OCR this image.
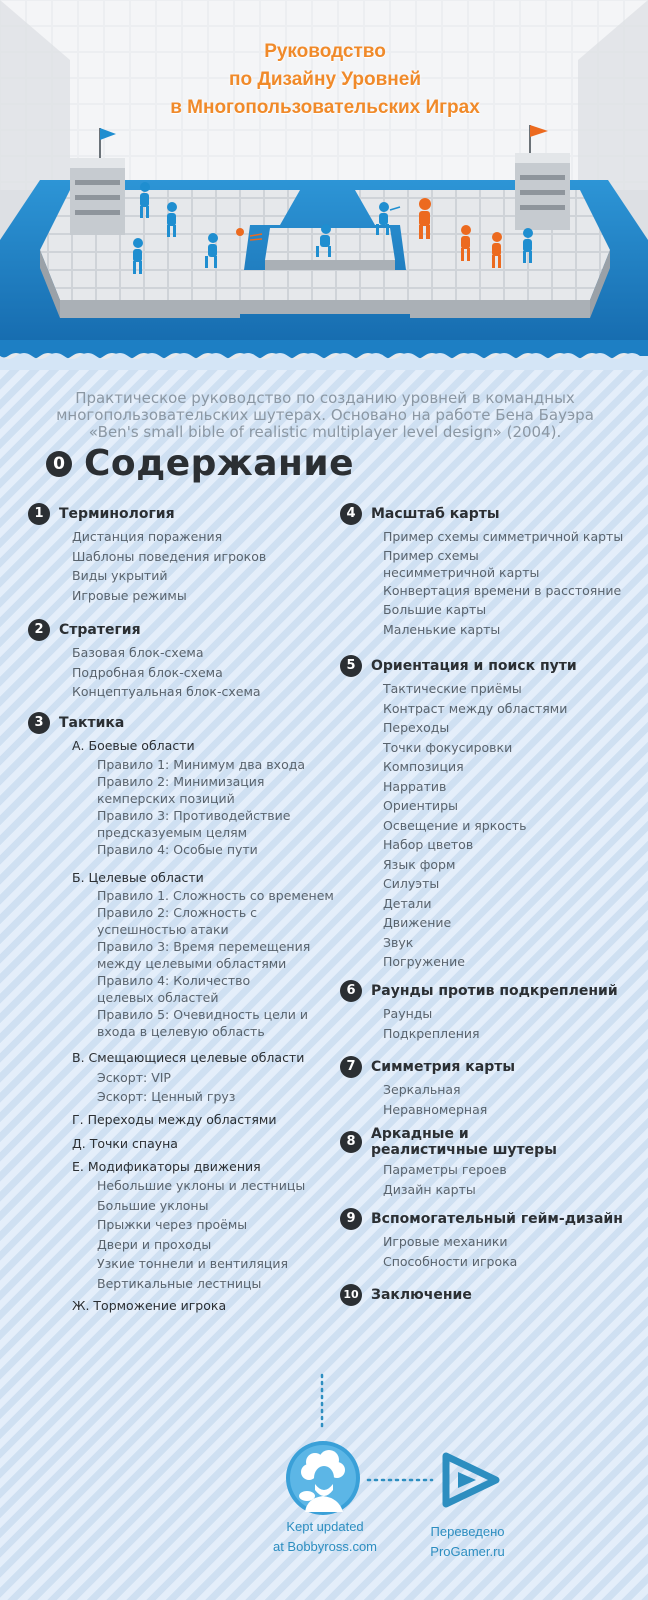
Руководство
по Дизайну Уровней
в Многопользовательских Играх
Практическое руководство по созданию уровней в командных
многопользовательских шутерах. Основано на работе Бена Бауэра
«Ben's small bible of realistic multiplayer level design» (2004).
0 Содержание
1	Терминология
Дистанция поражения
Шаблоны поведения игроков
Виды укрытий
Игровые режимы
2	Стратегия
Базовая блок-схема
Подробная блок-схема
Концептуальная блок-схема
3	Тактика
А. Боевые области
Правило 1: Минимум два входа
Правило 2: Минимизация
кемперских позиций
Правило 3: Противодействие
предсказуемым целям
Правило 4: Особые пути
Б. Целевые области
Правило 1. Сложность со временем
Правило 2: Сложность с
успешностью атаки
Правило 3: Время перемещения
между целевыми областями
Правило 4: Количество
целевых областей
Правило 5: Очевидность цели и
входа в целевую область
В. Смещающиеся целевые области
Эскорт: VIP
Эскорт: Ценный груз
Г. Переходы между областями
Д. Точки спауна
Е. Модификаторы движения
Небольшие уклоны и лестницы
Большие уклоны
Прыжки через проёмы
Двери и проходы
Узкие тоннели и вентиляция
Вертикальные лестницы
Ж. Торможение игрока
4	Масштаб карты
Пример схемы симметричной карты
Пример схемы
несимметричной карты
Конвертация времени в расстояние
Большие карты
Маленькие карты
5	Ориентация и поиск пути
Тактические приёмы
Контраст между областями
Переходы
Точки фокусировки
Композиция
Нарратив
Ориентиры
Освещение и яркость
Набор цветов
Язык форм
Силуэты
Детали
Движение
Звук
Погружение
6	Раунды против подкреплений
Раунды
Подкрепления
7	Симметрия карты
Зеркальная
Неравномерная
8	Аркадные и
реалистичные шутеры
Параметры героев
Дизайн карты
9	Вспомогательный гейм-дизайн
Игровые механики
Способности игрока
10 Заключение
Kept updated
at Bobbyross.com
Переведено
ProGamer.ru
